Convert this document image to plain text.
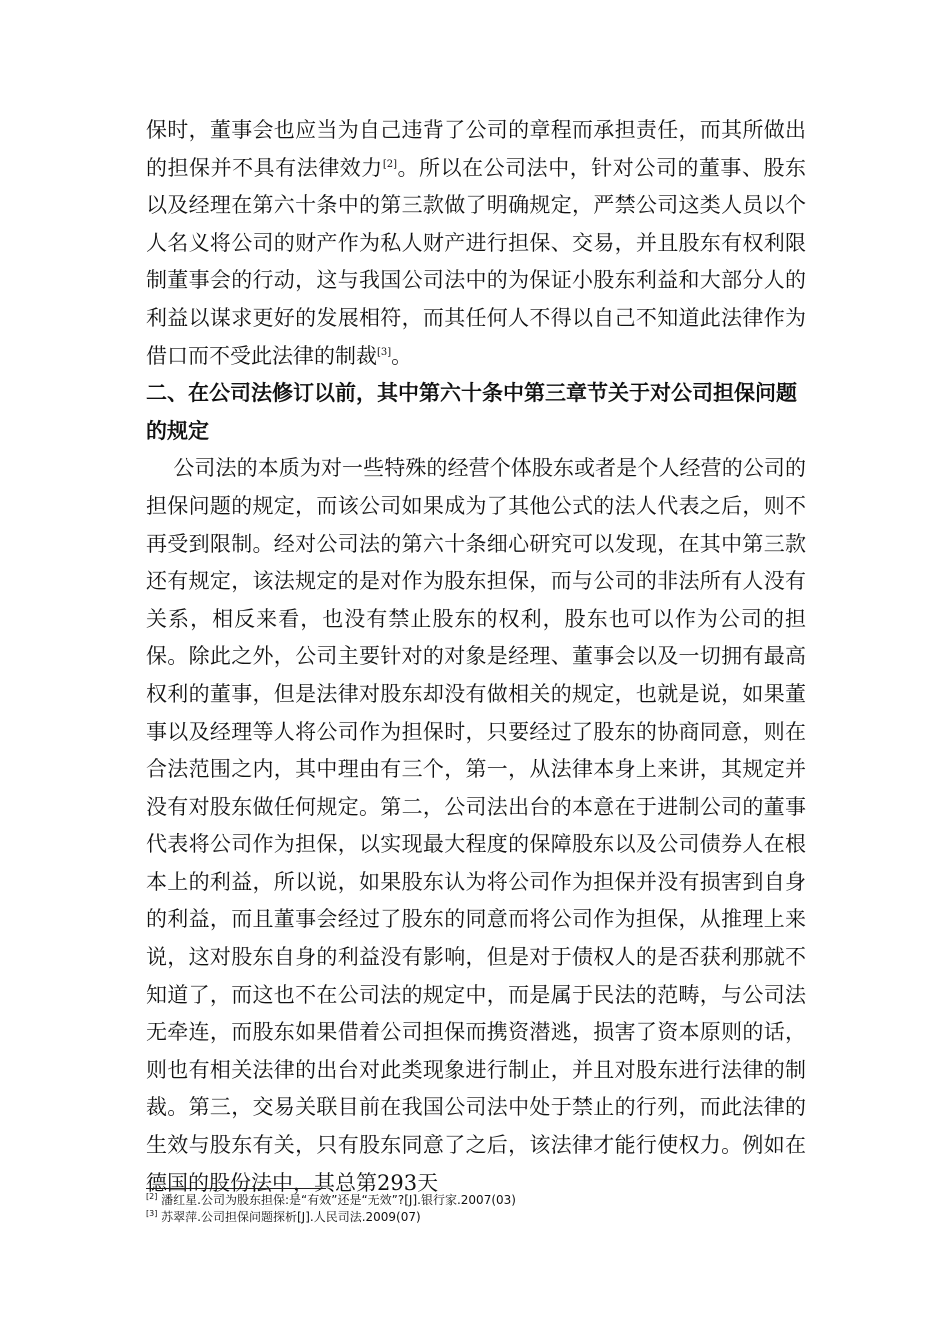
保时，董事会也应当为自己违背了公司的章程而承担责任，而其所做出的担保并不具有法律效力[2]。所以在公司法中，针对公司的董事、股东以及经理在第六十条中的第三款做了明确规定，严禁公司这类人员以个人名义将公司的财产作为私人财产进行担保、交易，并且股东有权利限制董事会的行动，这与我国公司法中的为保证小股东利益和大部分人的利益以谋求更好的发展相符，而其任何人不得以自己不知道此法律作为借口而不受此法律的制裁[3]。

二、在公司法修订以前，其中第六十条中第三章节关于对公司担保问题的规定

公司法的本质为对一些特殊的经营个体股东或者是个人经营的公司的担保问题的规定，而该公司如果成为了其他公式的法人代表之后，则不再受到限制。经对公司法的第六十条细心研究可以发现，在其中第三款还有规定，该法规定的是对作为股东担保，而与公司的非法所有人没有关系，相反来看，也没有禁止股东的权利，股东也可以作为公司的担保。除此之外，公司主要针对的对象是经理、董事会以及一切拥有最高权利的董事，但是法律对股东却没有做相关的规定，也就是说，如果董事以及经理等人将公司作为担保时，只要经过了股东的协商同意，则在合法范围之内，其中理由有三个，第一，从法律本身上来讲，其规定并没有对股东做任何规定。第二，公司法出台的本意在于进制公司的董事代表将公司作为担保，以实现最大程度的保障股东以及公司债券人在根本上的利益，所以说，如果股东认为将公司作为担保并没有损害到自身的利益，而且董事会经过了股东的同意而将公司作为担保，从推理上来说，这对股东自身的利益没有影响，但是对于债权人的是否获利那就不知道了，而这也不在公司法的规定中，而是属于民法的范畴，与公司法无牵连，而股东如果借着公司担保而携资潜逃，损害了资本原则的话，则也有相关法律的出台对此类现象进行制止，并且对股东进行法律的制裁。第三，交易关联目前在我国公司法中处于禁止的行列，而此法律的生效与股东有关，只有股东同意了之后，该法律才能行使权力。例如在德国的股份法中，其总第293天

[2] 潘红星.公司为股东担保:是“有效”还是“无效”?[J].银行家.2007(03)

[3] 苏翠萍.公司担保问题探析[J].人民司法.2009(07)
